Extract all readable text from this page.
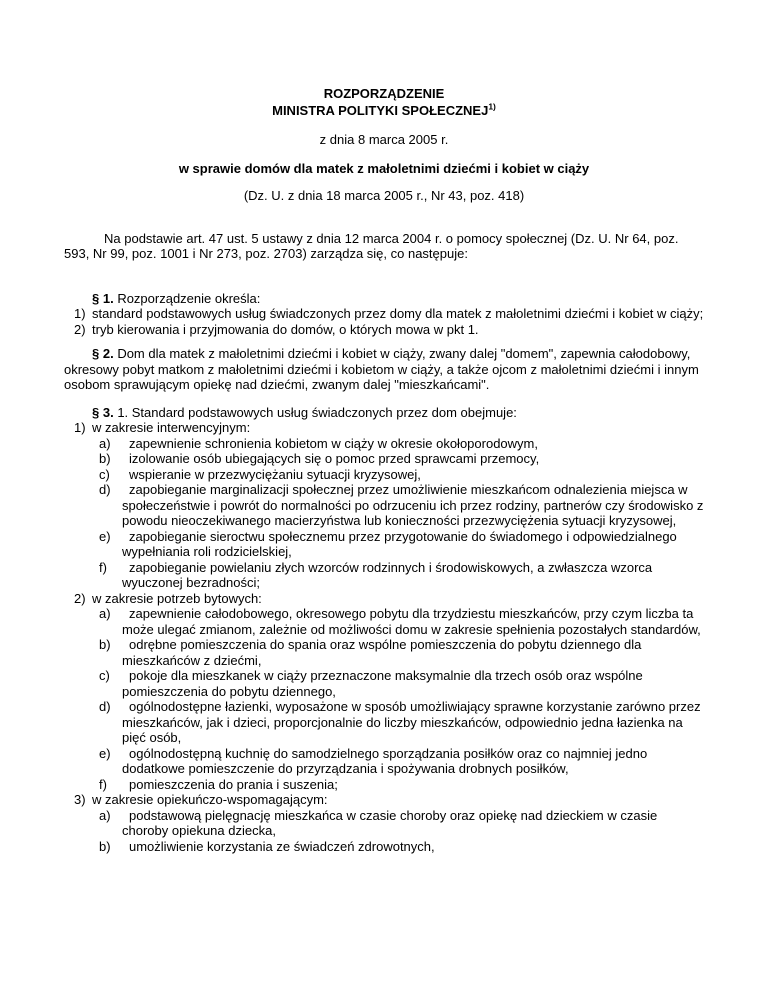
ROZPORZĄDZENIE
MINISTRA POLITYKI SPOŁECZNEJ$^{1)}$
z dnia 8 marca 2005 r.
w sprawie domów dla matek z małoletnimi dziećmi i kobiet w ciąży
(Dz. U. z dnia 18 marca 2005 r., Nr 43, poz. 418)

Na podstawie art. 47 ust. 5 ustawy z dnia 12 marca 2004 r. o pomocy społecznej (Dz. U. Nr 64, poz. 593, Nr 99, poz. 1001 i Nr 273, poz. 2703) zarządza się, co następuje:

§ 1. Rozporządzenie określa:

1) standard podstawowych usług świadczonych przez domy dla matek z małoletnimi dziećmi i kobiet w ciąży;
2) tryb kierowania i przyjmowania do domów, o których mowa w pkt 1.

§ 2. Dom dla matek z małoletnimi dziećmi i kobiet w ciąży, zwany dalej "domem", zapewnia całodobowy, okresowy pobyt matkom z małoletnimi dziećmi i kobietom w ciąży, a także ojcom z małoletnimi dziećmi i innym osobom sprawującym opiekę nad dziećmi, zwanym dalej "mieszkańcami".

§ 3. 1. Standard podstawowych usług świadczonych przez dom obejmuje:

1) w zakresie interwencyjnym:
a) zapewnienie schronienia kobietom w ciąży w okresie okołoporodowym,
b) izolowanie osób ubiegających się o pomoc przed sprawcami przemocy,
c) wspieranie w przezwyciężaniu sytuacji kryzysowej,
d) zapobieganie marginalizacji społecznej przez umożliwienie mieszkańcom odnalezienia miejsca w społeczeństwie i powrót do normalności po odrzuceniu ich przez rodziny, partnerów czy środowisko z powodu nieoczekiwanego macierzyństwa lub konieczności przezwyciężenia sytuacji kryzysowej,
e) zapobieganie sieroctwu społecznemu przez przygotowanie do świadomego i odpowiedzialnego wypełniania roli rodzicielskiej,
f) zapobieganie powielaniu złych wzorców rodzinnych i środowiskowych, a zwłaszcza wzorca wyuczonej bezradności;
2) w zakresie potrzeb bytowych:
a) zapewnienie całodobowego, okresowego pobytu dla trzydziestu mieszkańców, przy czym liczba ta może ulegać zmianom, zależnie od możliwości domu w zakresie spełnienia pozostałych standardów,
b) odrębne pomieszczenia do spania oraz wspólne pomieszczenia do pobytu dziennego dla mieszkańców z dziećmi,
c) pokoje dla mieszkanek w ciąży przeznaczone maksymalnie dla trzech osób oraz wspólne pomieszczenia do pobytu dziennego,
d) ogólnodostępne łazienki, wyposażone w sposób umożliwiający sprawne korzystanie zarówno przez mieszkańców, jak i dzieci, proporcjonalnie do liczby mieszkańców, odpowiednio jedna łazienka na pięć osób,
e) ogólnodostępną kuchnię do samodzielnego sporządzania posiłków oraz co najmniej jedno dodatkowe pomieszczenie do przyrządzania i spożywania drobnych posiłków,
f) pomieszczenia do prania i suszenia;
3) w zakresie opiekuńczo-wspomagającym:
a) podstawową pielęgnację mieszkańca w czasie choroby oraz opiekę nad dzieckiem w czasie choroby opiekuna dziecka,
b) umożliwienie korzystania ze świadczeń zdrowotnych,
